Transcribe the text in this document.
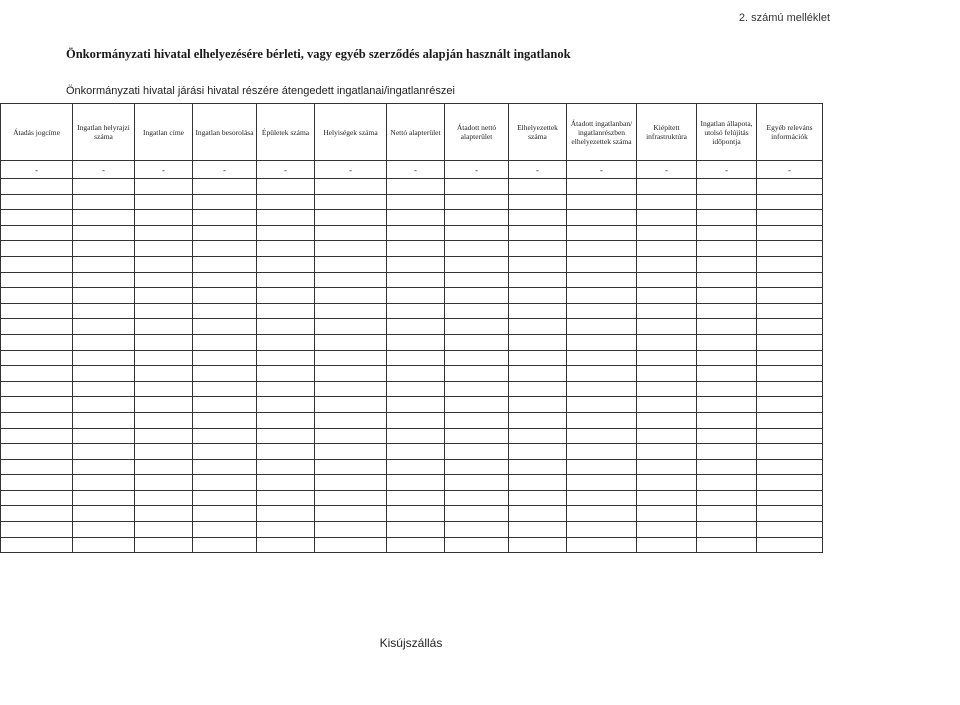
2. számú melléklet
Önkormányzati hivatal elhelyezésére bérleti, vagy egyéb szerződés alapján használt ingatlanok
Önkormányzati hivatal járási hivatal részére átengedett ingatlanai/ingatlanrészei
Átadás jogcíme	Ingatlan helyrajzi száma	Ingatlan címe	Ingatlan besorolása	Épületek száma	Helyiségek száma	Nettó alapterület	Átadott nettó alapterület	Elhelyezettek száma	Átadott ingatlanban/ ingatlanrészben elhelyezettek száma	Kiépített infrastruktúra	Ingatlan állapota, utolsó felújítás időpontja	Egyéb releváns információk
-	-	-	-	-	-	-	-	-	-	-	-	-

Kisújszállás
